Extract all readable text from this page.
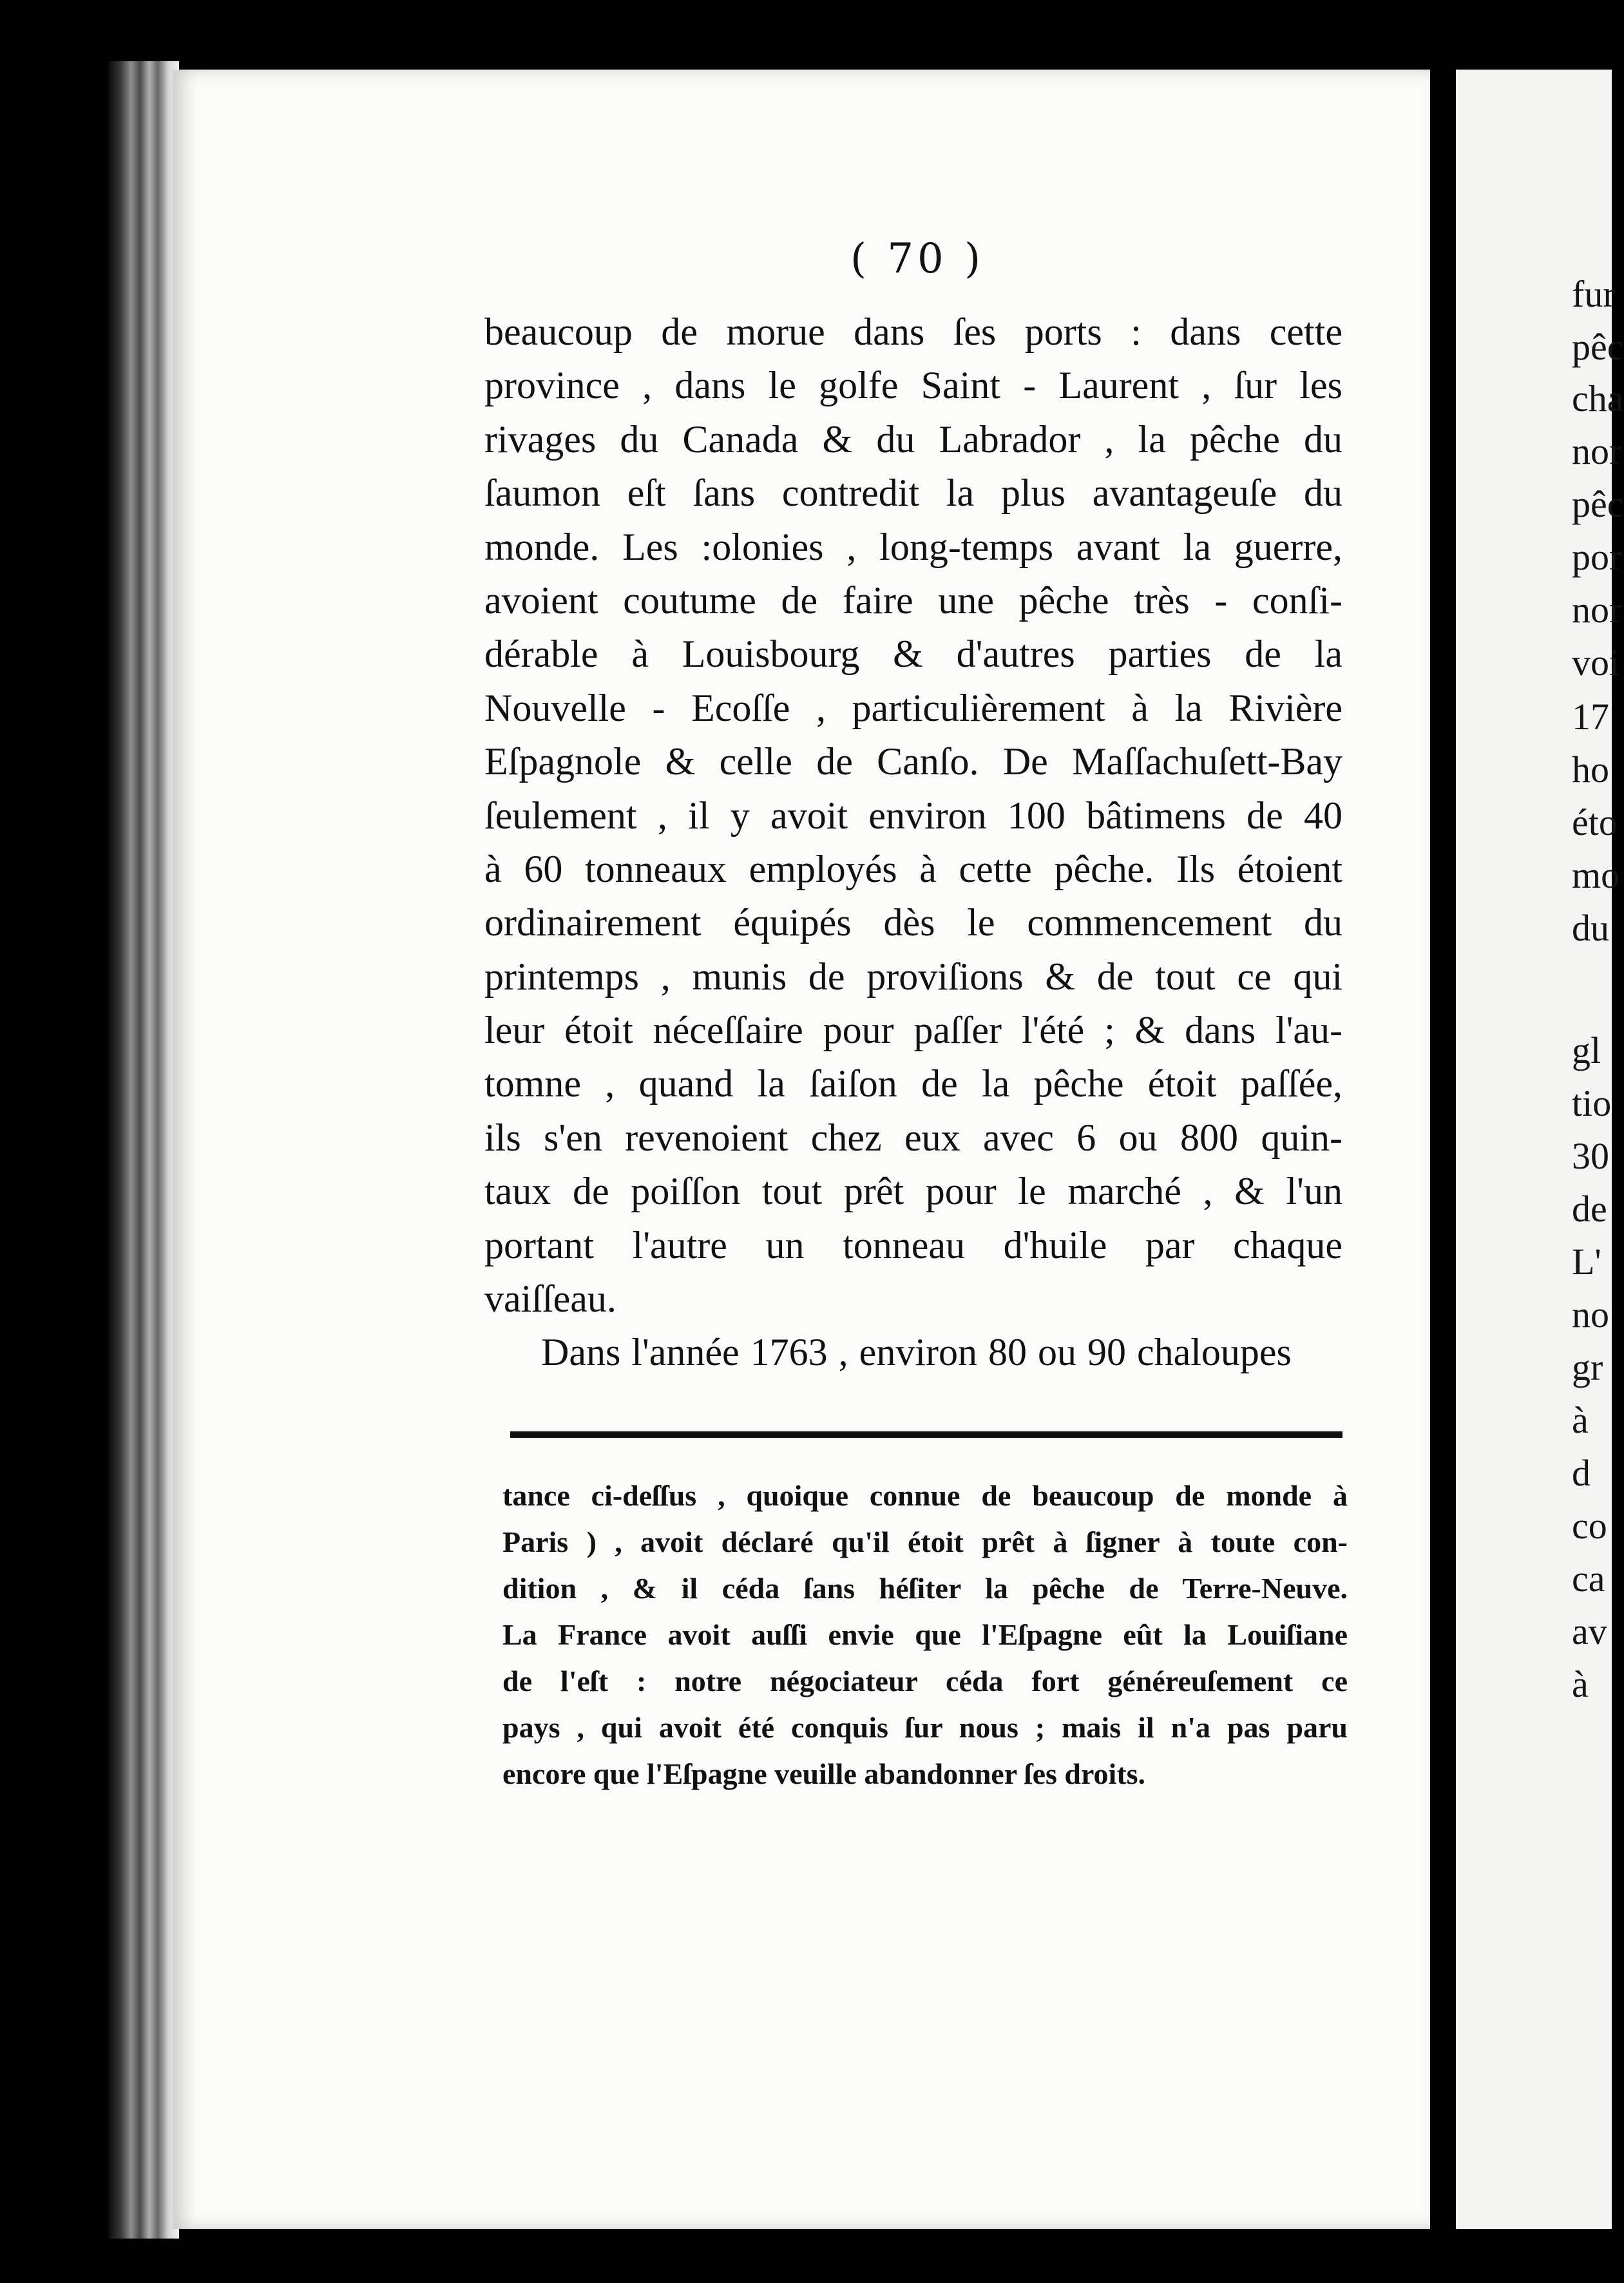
( 70 )
beaucoup de morue dans ſes ports : dans cette
province , dans le golfe Saint - Laurent , ſur les
rivages du Canada & du Labrador , la pêche du
ſaumon eſt ſans contredit la plus avantageuſe du
monde. Les :olonies , long-temps avant la guerre,
avoient coutume de faire une pêche très - conſi-
dérable à Louisbourg & d'autres parties de la
Nouvelle - Ecoſſe , particulièrement à la Rivière
Eſpagnole & celle de Canſo. De Maſſachuſett-Bay
ſeulement , il y avoit environ 100 bâtimens de 40
à 60 tonneaux employés à cette pêche. Ils étoient
ordinairement équipés dès le commencement du
printemps , munis de proviſions & de tout ce qui
leur étoit néceſſaire pour paſſer l'été ; & dans l'au-
tomne , quand la ſaiſon de la pêche étoit paſſée,
ils s'en revenoient chez eux avec 6 ou 800 quin-
taux de poiſſon tout prêt pour le marché , & l'un
portant l'autre un tonneau d'huile par chaque
vaiſſeau.
Dans l'année 1763 , environ 80 ou 90 chaloupes
tance ci-deſſus , quoique connue de beaucoup de monde à
Paris ) , avoit déclaré qu'il étoit prêt à ſigner à toute con-
dition , & il céda ſans héſiter la pêche de Terre-Neuve.
La France avoit auſſi envie que l'Eſpagne eût la Louiſiane
de l'eſt : notre négociateur céda fort généreuſement ce
pays , qui avoit été conquis ſur nous ; mais il n'a pas paru
encore que l'Eſpagne veuille abandonner ſes droits.
fur
pêc
cha
nor
pêc
por
nor
voi
17
ho
éto
mo
du
gl
tio
30
de
L'
no
gr
à
d
co
ca
av
à
